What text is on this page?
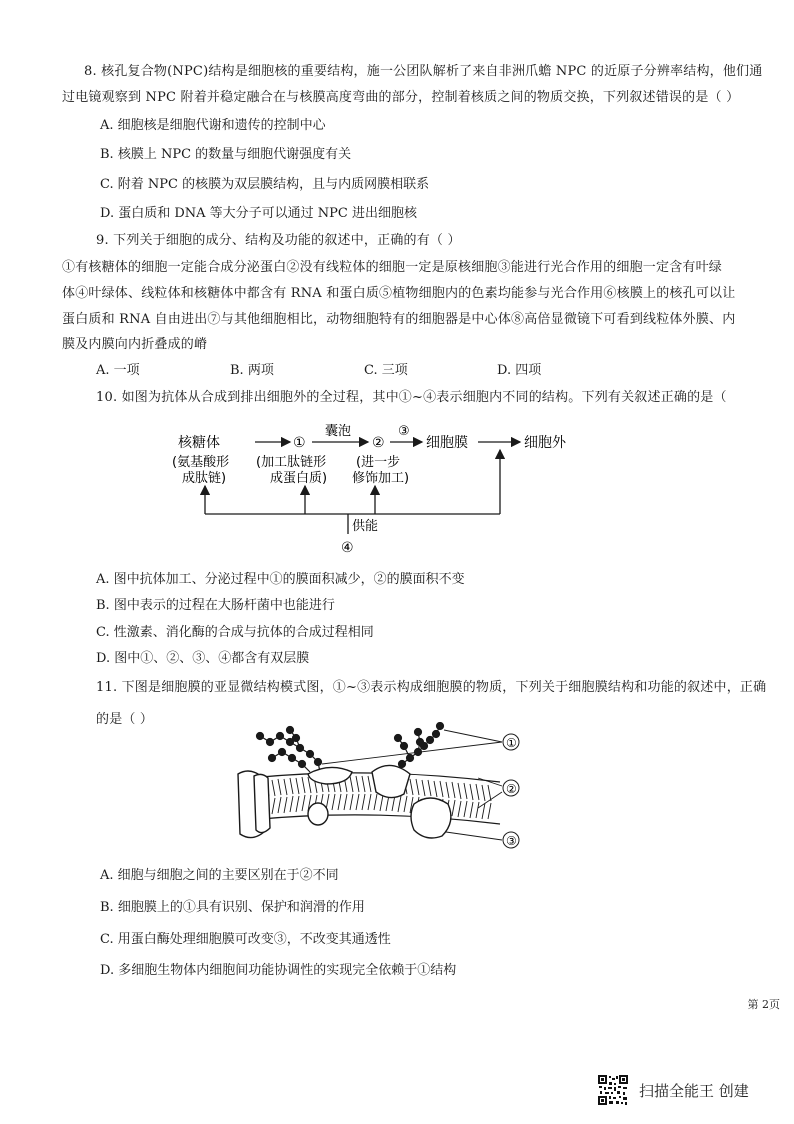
8. 核孔复合物(NPC)结构是细胞核的重要结构，施一公团队解析了来自非洲爪蟾 NPC 的近原子分辨率结构，他们通
过电镜观察到 NPC 附着并稳定融合在与核膜高度弯曲的部分，控制着核质之间的物质交换，下列叙述错误的是（ ）
A. 细胞核是细胞代谢和遗传的控制中心
B. 核膜上 NPC 的数量与细胞代谢强度有关
C. 附着 NPC 的核膜为双层膜结构，且与内质网膜相联系
D. 蛋白质和 DNA 等大分子可以通过 NPC 进出细胞核
9. 下列关于细胞的成分、结构及功能的叙述中，正确的有（ ）
①有核糖体的细胞一定能合成分泌蛋白②没有线粒体的细胞一定是原核细胞③能进行光合作用的细胞一定含有叶绿
体④叶绿体、线粒体和核糖体中都含有 RNA 和蛋白质⑤植物细胞内的色素均能参与光合作用⑥核膜上的核孔可以让
蛋白质和 RNA 自由进出⑦与其他细胞相比，动物细胞特有的细胞器是中心体⑧高倍显微镜下可看到线粒体外膜、内
膜及内膜向内折叠成的嵴
A. 一项	B. 两项	C. 三项	D. 四项
10. 如图为抗体从合成到排出细胞外的全过程，其中①~④表示细胞内不同的结构。下列有关叙述正确的是（
核糖体	①
囊泡
②
③
细胞膜	细胞外
(氨基酸形
成肽链)
(加工肽链形
成蛋白质)
(进一步
修饰加工)
供能
④
A. 图中抗体加工、分泌过程中①的膜面积减少，②的膜面积不变
B. 图中表示的过程在大肠杆菌中也能进行
C. 性激素、消化酶的合成与抗体的合成过程相同
D. 图中①、②、③、④都含有双层膜
11. 下图是细胞膜的亚显微结构模式图，①~③表示构成细胞膜的物质，下列关于细胞膜结构和功能的叙述中，正确
的是（ ）
①
②
③
A. 细胞与细胞之间的主要区别在于②不同
B. 细胞膜上的①具有识别、保护和润滑的作用
C. 用蛋白酶处理细胞膜可改变③，不改变其通透性
D. 多细胞生物体内细胞间功能协调性的实现完全依赖于①结构
第 2页
扫描全能王 创建
